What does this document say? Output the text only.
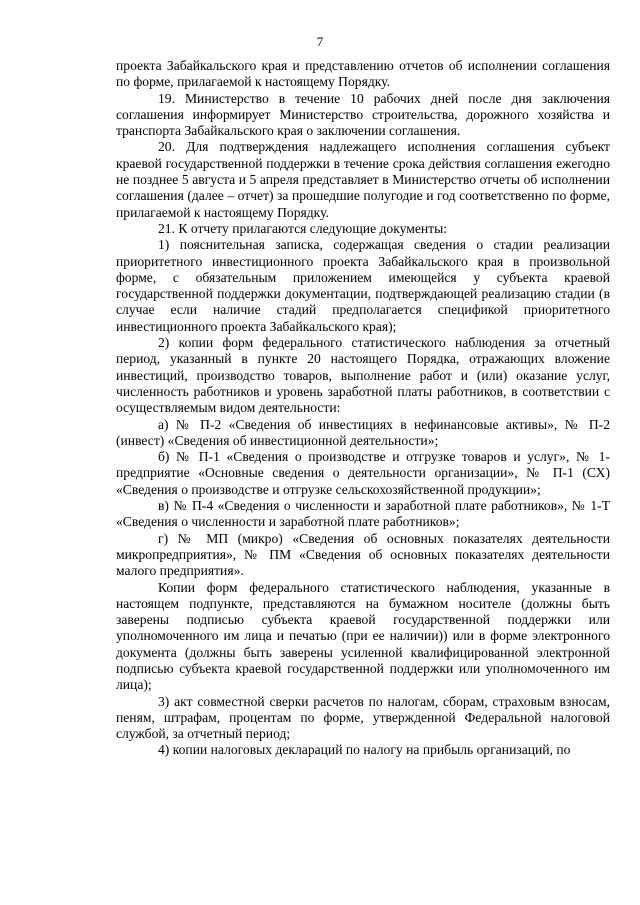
7

проекта Забайкальского края и представлению отчетов об исполнении соглашения по форме, прилагаемой к настоящему Порядку.

19. Министерство в течение 10 рабочих дней после дня заключения соглашения информирует Министерство строительства, дорожного хозяйства и транспорта Забайкальского края о заключении соглашения.

20. Для подтверждения надлежащего исполнения соглашения субъект краевой государственной поддержки в течение срока действия соглашения ежегодно не позднее 5 августа и 5 апреля представляет в Министерство отчеты об исполнении соглашения (далее – отчет) за прошедшие полугодие и год соответственно по форме, прилагаемой к настоящему Порядку.

21. К отчету прилагаются следующие документы:

1) пояснительная записка, содержащая сведения о стадии реализации приоритетного инвестиционного проекта Забайкальского края в произвольной форме, с обязательным приложением имеющейся у субъекта краевой государственной поддержки документации, подтверждающей реализацию стадии (в случае если наличие стадий предполагается спецификой приоритетного инвестиционного проекта Забайкальского края);

2) копии форм федерального статистического наблюдения за отчетный период, указанный в пункте 20 настоящего Порядка, отражающих вложение инвестиций, производство товаров, выполнение работ и (или) оказание услуг, численность работников и уровень заработной платы работников, в соответствии с осуществляемым видом деятельности:

а) № П-2 «Сведения об инвестициях в нефинансовые активы», № П-2 (инвест) «Сведения об инвестиционной деятельности»;

б) № П-1 «Сведения о производстве и отгрузке товаров и услуг», № 1-предприятие «Основные сведения о деятельности организации», № П-1 (СХ) «Сведения о производстве и отгрузке сельскохозяйственной продукции»;

в) № П-4 «Сведения о численности и заработной плате работников», № 1-Т «Сведения о численности и заработной плате работников»;

г) № МП (микро) «Сведения об основных показателях деятельности микропредприятия», № ПМ «Сведения об основных показателях деятельности малого предприятия».

Копии форм федерального статистического наблюдения, указанные в настоящем подпункте, представляются на бумажном носителе (должны быть заверены подписью субъекта краевой государственной поддержки или уполномоченного им лица и печатью (при ее наличии)) или в форме электронного документа (должны быть заверены усиленной квалифицированной электронной подписью субъекта краевой государственной поддержки или уполномоченного им лица);

3) акт совместной сверки расчетов по налогам, сборам, страховым взносам, пеням, штрафам, процентам по форме, утвержденной Федеральной налоговой службой, за отчетный период;

4) копии налоговых деклараций по налогу на прибыль организаций, по
